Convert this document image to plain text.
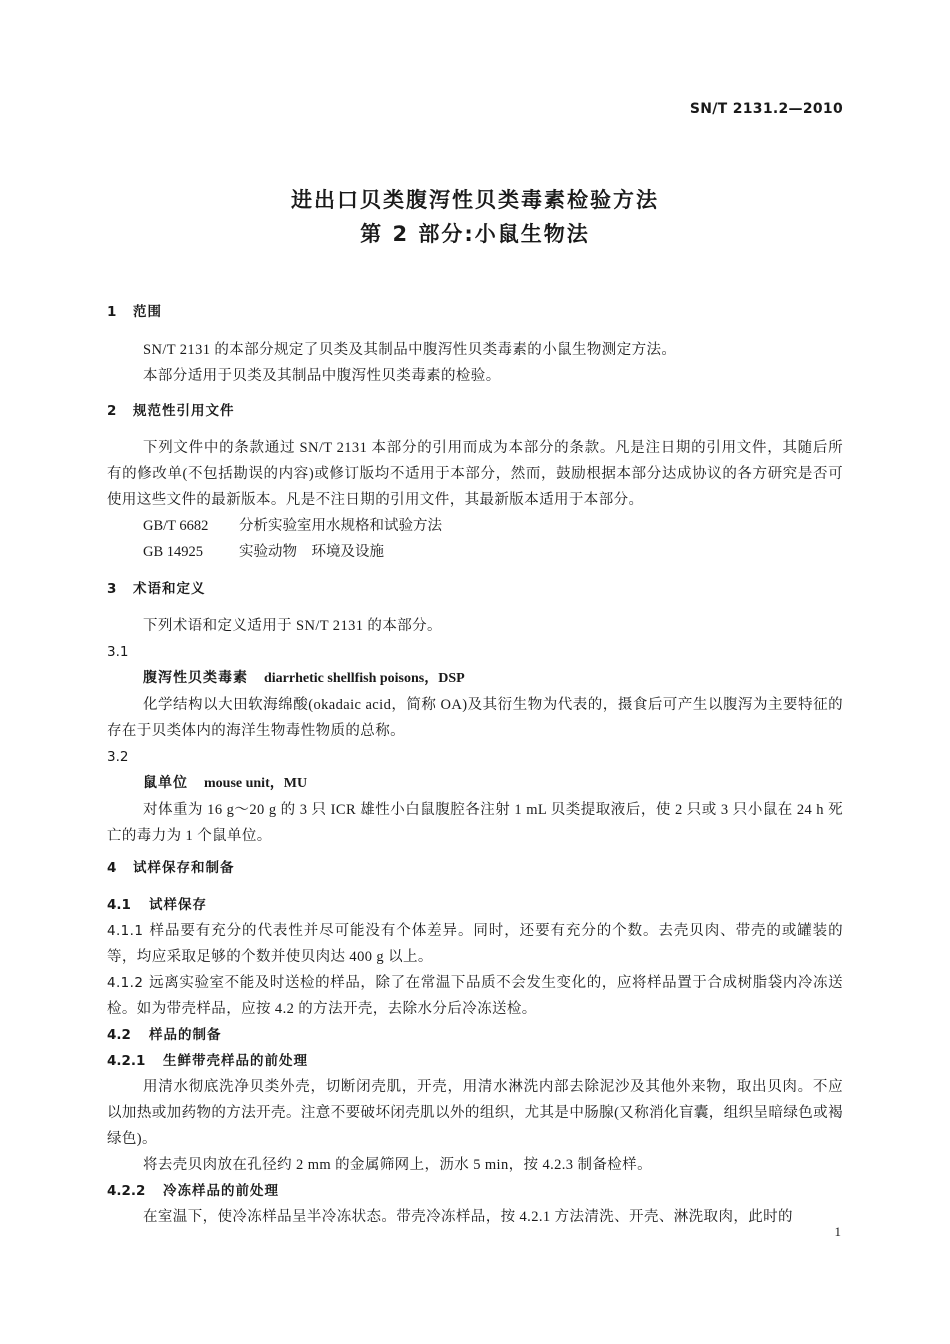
SN/T 2131.2—2010
进出口贝类腹泻性贝类毒素检验方法
第 2 部分:小鼠生物法
1 范围
SN/T 2131 的本部分规定了贝类及其制品中腹泻性贝类毒素的小鼠生物测定方法。
本部分适用于贝类及其制品中腹泻性贝类毒素的检验。
2 规范性引用文件
下列文件中的条款通过 SN/T 2131 本部分的引用而成为本部分的条款。凡是注日期的引用文件，其随后所有的修改单(不包括勘误的内容)或修订版均不适用于本部分，然而，鼓励根据本部分达成协议的各方研究是否可使用这些文件的最新版本。凡是不注日期的引用文件，其最新版本适用于本部分。
GB/T 6682 分析实验室用水规格和试验方法
GB 14925 实验动物　环境及设施
3 术语和定义
下列术语和定义适用于 SN/T 2131 的本部分。
3.1
腹泻性贝类毒素 diarrhetic shellfish poisons，DSP
化学结构以大田软海绵酸(okadaic acid，简称 OA)及其衍生物为代表的，摄食后可产生以腹泻为主要特征的存在于贝类体内的海洋生物毒性物质的总称。
3.2
鼠单位 mouse unit，MU
对体重为 16 g～20 g 的 3 只 ICR 雄性小白鼠腹腔各注射 1 mL 贝类提取液后，使 2 只或 3 只小鼠在 24 h 死亡的毒力为 1 个鼠单位。
4 试样保存和制备
4.1 试样保存
4.1.1 样品要有充分的代表性并尽可能没有个体差异。同时，还要有充分的个数。去壳贝肉、带壳的或罐装的等，均应采取足够的个数并使贝肉达 400 g 以上。
4.1.2 远离实验室不能及时送检的样品，除了在常温下品质不会发生变化的，应将样品置于合成树脂袋内冷冻送检。如为带壳样品，应按 4.2 的方法开壳，去除水分后冷冻送检。
4.2 样品的制备
4.2.1 生鲜带壳样品的前处理
用清水彻底洗净贝类外壳，切断闭壳肌，开壳，用清水淋洗内部去除泥沙及其他外来物，取出贝肉。不应以加热或加药物的方法开壳。注意不要破坏闭壳肌以外的组织，尤其是中肠腺(又称消化盲囊，组织呈暗绿色或褐绿色)。
将去壳贝肉放在孔径约 2 mm 的金属筛网上，沥水 5 min，按 4.2.3 制备检样。
4.2.2 冷冻样品的前处理
在室温下，使冷冻样品呈半冷冻状态。带壳冷冻样品，按 4.2.1 方法清洗、开壳、淋洗取肉，此时的
1
